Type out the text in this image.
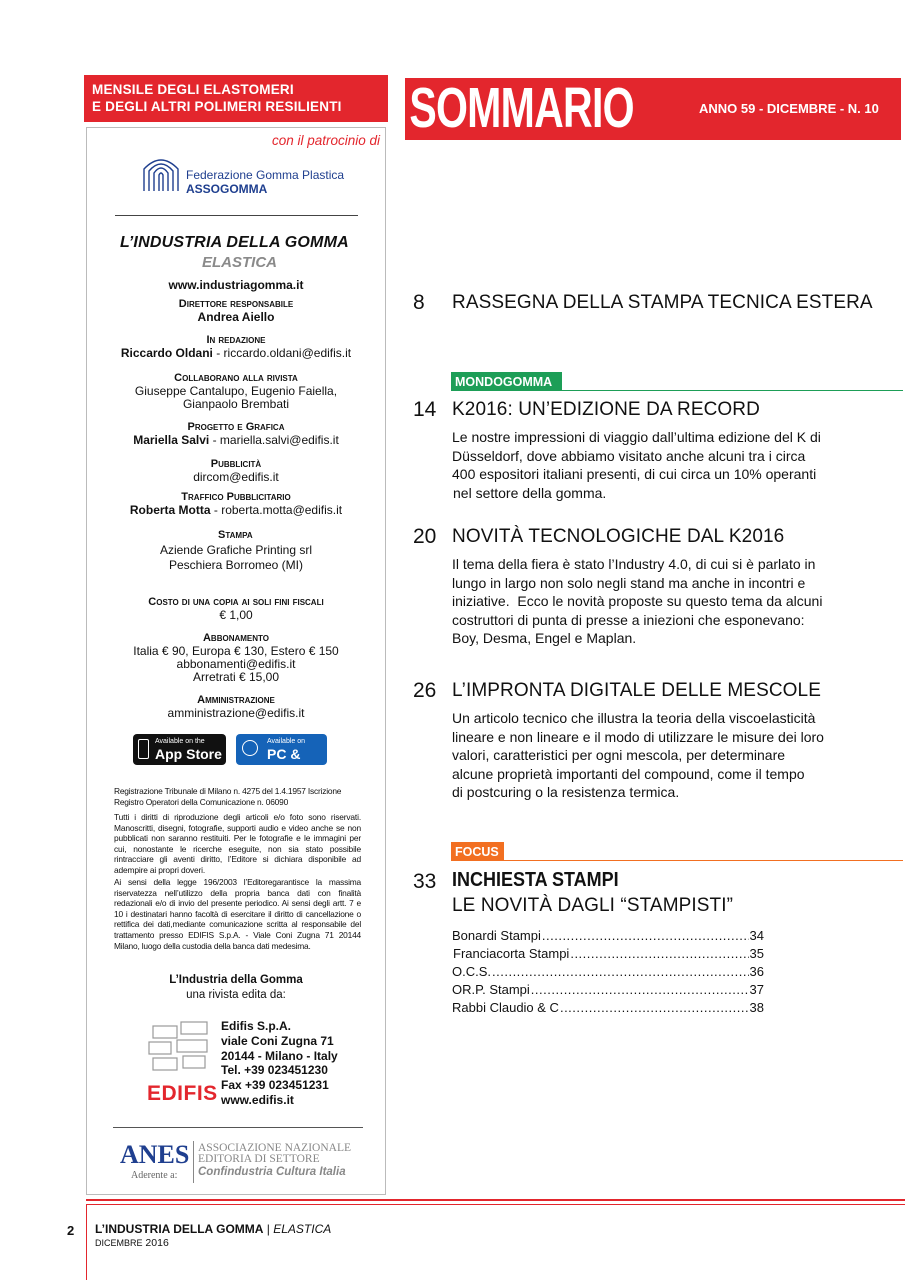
MENSILE DEGLI ELASTOMERI
E DEGLI ALTRI POLIMERI RESILIENTI
con il patrocinio di
Federazione Gomma Plastica
ASSOGOMMA
L’INDUSTRIA DELLA GOMMA
ELASTICA
www.industriagomma.it
Direttore responsabile
Andrea Aiello
In redazione
Riccardo Oldani - riccardo.oldani@edifis.it
Collaborano alla rivista
Giuseppe Cantalupo, Eugenio Faiella,
Gianpaolo Brembati
Progetto e Grafica
Mariella Salvi - mariella.salvi@edifis.it
Pubblicità
dircom@edifis.it
Traffico Pubblicitario
Roberta Motta - roberta.motta@edifis.it
Stampa
Aziende Grafiche Printing srl
Peschiera Borromeo (MI)
Costo di una copia ai soli fini fiscali
€ 1,00
Abbonamento
Italia € 90, Europa € 130, Estero € 150
abbonamenti@edifis.it
Arretrati € 15,00
Amministrazione
amministrazione@edifis.it
Available on the
App Store
Available on
PC & Mac
Registrazione Tribunale di Milano n. 4275 del 1.4.1957 Iscrizione Registro Operatori della Comunicazione n. 06090
Tutti i diritti di riproduzione degli articoli e/o foto sono riservati. Manoscritti, disegni, fotografie, supporti audio e video anche se non pubblicati non saranno restituiti. Per le fotografie e le immagini per cui, nonostante le ricerche eseguite, non sia stato possibile rintracciare gli aventi diritto, l’Editore si dichiara disponibile ad adempire ai propri doveri.
Ai sensi della legge 196/2003 l’Editoregarantisce la massima riservatezza nell’utilizzo della propria banca dati con finalità redazionali e/o di invio del presente periodico. Ai sensi degli artt. 7 e 10 i destinatari hanno facoltà di esercitare il diritto di cancellazione o rettifica dei dati,mediante comunicazione scritta al responsabile del trattamento presso EDIFIS S.p.A. - Viale Coni Zugna 71 20144 Milano, luogo della custodia della banca dati medesima.
L’Industria della Gomma
una rivista edita da:
EDIFIS
Edifis S.p.A.
viale Coni Zugna 71
20144 - Milano - Italy
Tel. +39 023451230
Fax +39 023451231
www.edifis.it
ANES
Aderente a:
ASSOCIAZIONE NAZIONALE
EDITORIA DI SETTORE
Confindustria Cultura Italia
SOMMARIO	ANNO 59 - DICEMBRE - N. 10
8 RASSEGNA DELLA STAMPA TECNICA ESTERA
MONDOGOMMA
14 K2016: UN’EDIZIONE DA RECORD
Le nostre impressioni di viaggio dall’ultima edizione del K di
Düsseldorf, dove abbiamo visitato anche alcuni tra i circa
400 espositori italiani presenti, di cui circa un 10% operanti
nel settore della gomma.
20 NOVITÀ TECNOLOGICHE DAL K2016
Il tema della fiera è stato l’Industry 4.0, di cui si è parlato in
lungo in largo non solo negli stand ma anche in incontri e
iniziative.  Ecco le novità proposte su questo tema da alcuni
costruttori di punta di presse a iniezioni che esponevano:
Boy, Desma, Engel e Maplan.
26 L’IMPRONTA DIGITALE DELLE MESCOLE
Un articolo tecnico che illustra la teoria della viscoelasticità
lineare e non lineare e il modo di utilizzare le misure dei loro
valori, caratteristici per ogni mescola, per determinare
alcune proprietà importanti del compound, come il tempo
di postcuring o la resistenza termica.
FOCUS
33 INCHIESTA STAMPI
LE NOVITÀ DAGLI “STAMPISTI”
Bonardi Stampi .....	34
Franciacorta Stampi .....	35
O.C.S. .....	36
OR.P. Stampi .....	37
Rabbi Claudio & C .....	38
2 L’INDUSTRIA DELLA GOMMA | ELASTICA
DICEMBRE 2016
